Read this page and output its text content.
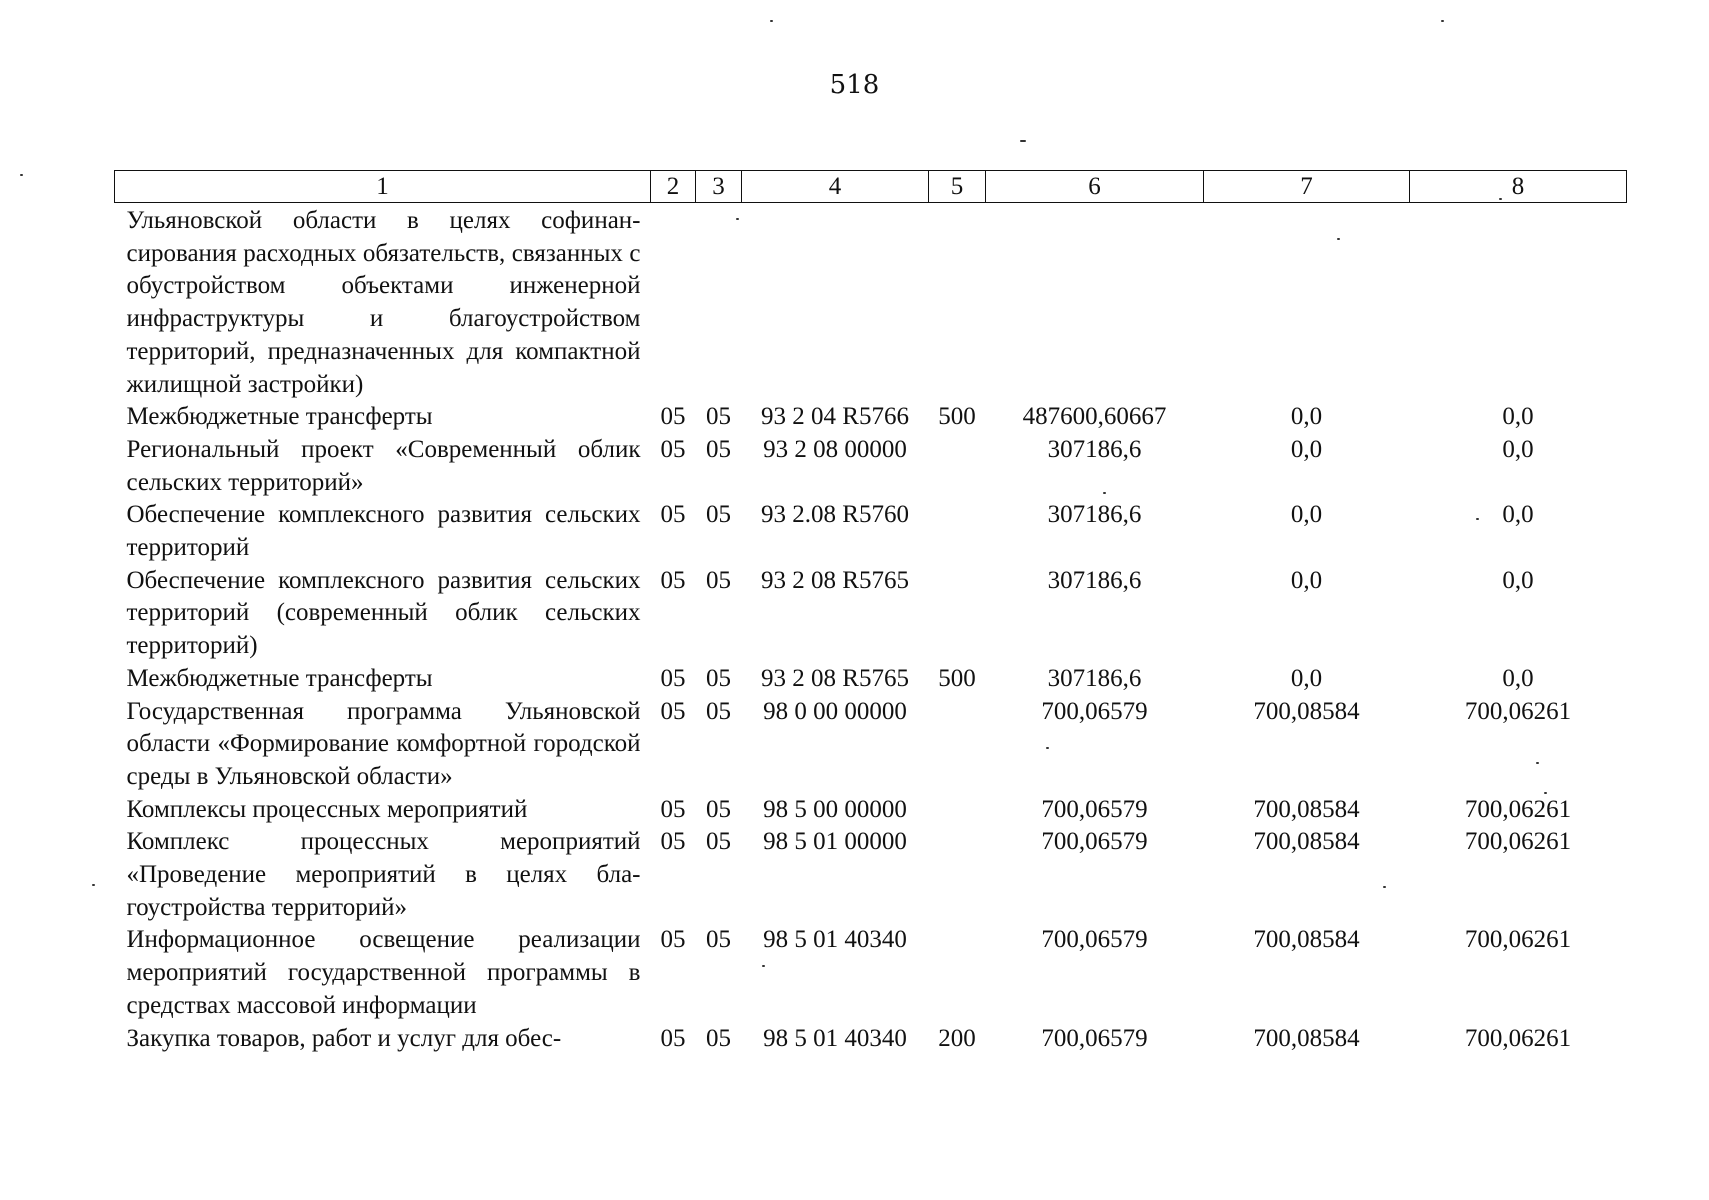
518
1	2	3	4	5	6	7	8
Ульяновской области в целях софинансирования расходных обязательств, связанных с обустройством объектами инженерной инфраструктуры и благоустройством территорий, предназначенных для компактной жилищной застройки)							
Межбюджетные трансферты	05	05	93 2 04 R5766	500	487600,60667	0,0	0,0
Региональный проект «Современный облик сельских территорий»	05	05	93 2 08 00000		307186,6	0,0	0,0
Обеспечение комплексного развития сельских территорий	05	05	93 2.08 R5760		307186,6	0,0	0,0
Обеспечение комплексного развития сельских территорий (современный облик сельских территорий)	05	05	93 2 08 R5765		307186,6	0,0	0,0
Межбюджетные трансферты	05	05	93 2 08 R5765	500	307186,6	0,0	0,0
Государственная программа Ульяновской области «Формирование комфортной городской среды в Ульяновской области»	05	05	98 0 00 00000		700,06579	700,08584	700,06261
Комплексы процессных мероприятий	05	05	98 5 00 00000		700,06579	700,08584	700,06261
Комплекс процессных мероприятий «Проведение мероприятий в целях благоустройства территорий»	05	05	98 5 01 00000		700,06579	700,08584	700,06261
Информационное освещение реализации мероприятий государственной программы в средствах массовой информации	05	05	98 5 01 40340		700,06579	700,08584	700,06261
Закупка товаров, работ и услуг для обес-	05	05	98 5 01 40340	200	700,06579	700,08584	700,06261
